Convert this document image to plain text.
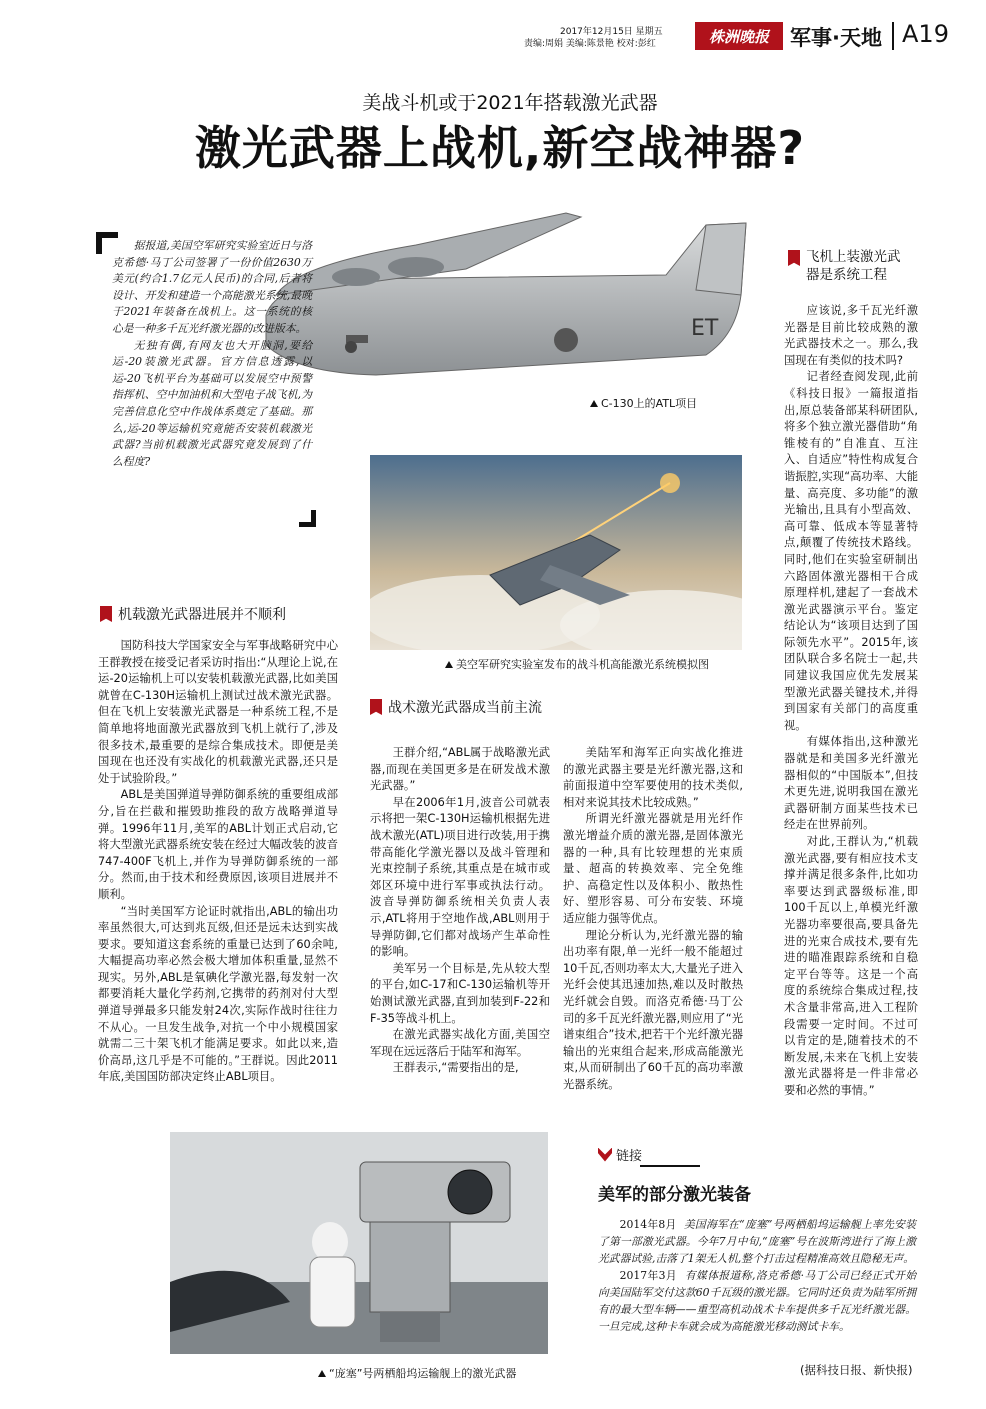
2017年12月15日 星期五
责编:周娟 美编:陈景艳 校对:彭红	株洲晚报 军事·天地 A19
美战斗机或于2021年搭载激光武器
激光武器上战机,新空战神器?
ET
C-130上的ATL项目

据报道,美国空军研究实验室近日与洛克希德·马丁公司签署了一份价值2630万美元(约合1.7亿元人民币)的合同,后者将设计、开发和建造一个高能激光系统,最晚于2021年装备在战机上。这一系统的核心是一种多千瓦光纤激光器的改进版本。

无独有偶,有网友也大开脑洞,要给运-20装激光武器。官方信息透露,以运-20飞机平台为基础可以发展空中预警指挥机、空中加油机和大型电子战飞机,为完善信息化空中作战体系奠定了基础。那么,运-20等运输机究竟能否安装机载激光武器?当前机载激光武器究竟发展到了什么程度?

美空军研究实验室发布的战斗机高能激光系统模拟图
飞机上装激光武
器是系统工程

应该说,多千瓦光纤激光器是目前比较成熟的激光武器技术之一。那么,我国现在有类似的技术吗?

记者经查阅发现,此前《科技日报》一篇报道指出,原总装备部某科研团队,将多个独立激光器借助“角锥棱有的”自准直、互注入、自适应”特性构成复合谐振腔,实现“高功率、大能量、高亮度、多功能”的激光输出,且具有小型高效、高可靠、低成本等显著特点,颠覆了传统技术路线。同时,他们在实验室研制出六路固体激光器相干合成原理样机,建起了一套战术激光武器演示平台。鉴定结论认为“该项目达到了国际领先水平”。2015年,该团队联合多名院士一起,共同建议我国应优先发展某型激光武器关键技术,并得到国家有关部门的高度重视。

有媒体指出,这种激光器就是和美国多光纤激光器相似的“中国版本”,但技术更先进,说明我国在激光武器研制方面某些技术已经走在世界前列。

对此,王群认为,“机载激光武器,要有相应技术支撑并满足很多条件,比如功率要达到武器级标准,即100千瓦以上,单模光纤激光器功率要很高,要具备先进的光束合成技术,要有先进的瞄准跟踪系统和自稳定平台等等。这是一个高度的系统综合集成过程,技术含量非常高,进入工程阶段需要一定时间。不过可以肯定的是,随着技术的不断发展,未来在飞机上安装激光武器将是一件非常必要和必然的事情。”

机载激光武器进展并不顺利

国防科技大学国家安全与军事战略研究中心王群教授在接受记者采访时指出:“从理论上说,在运-20运输机上可以安装机载激光武器,比如美国就曾在C-130H运输机上测试过战术激光武器。但在飞机上安装激光武器是一种系统工程,不是简单地将地面激光武器放到飞机上就行了,涉及很多技术,最重要的是综合集成技术。即便是美国现在也还没有实战化的机载激光武器,还只是处于试验阶段。”

ABL是美国弹道导弹防御系统的重要组成部分,旨在拦截和摧毁助推段的敌方战略弹道导弹。1996年11月,美军的ABL计划正式启动,它将大型激光武器系统安装在经过大幅改装的波音747-400F飞机上,并作为导弹防御系统的一部分。然而,由于技术和经费原因,该项目进展并不顺利。

“当时美国军方论证时就指出,ABL的输出功率虽然很大,可达到兆瓦级,但还是远未达到实战要求。要知道这套系统的重量已达到了60余吨,大幅提高功率必然会极大增加体积重量,显然不现实。另外,ABL是氧碘化学激光器,每发射一次都要消耗大量化学药剂,它携带的药剂对付大型弹道导弹最多只能发射24次,实际作战时往往力不从心。一旦发生战争,对抗一个中小规模国家就需二三十架飞机才能满足要求。如此以来,造价高昂,这几乎是不可能的。”王群说。因此2011年底,美国国防部决定终止ABL项目。

战术激光武器成当前主流

王群介绍,“ABL属于战略激光武器,而现在美国更多是在研发战术激光武器。”

早在2006年1月,波音公司就表示将把一架C-130H运输机根据先进战术激光(ATL)项目进行改装,用于携带高能化学激光器以及战斗管理和光束控制子系统,其重点是在城市或郊区环境中进行军事或执法行动。波音导弹防御系统相关负责人表示,ATL将用于空地作战,ABL则用于导弹防御,它们都对战场产生革命性的影响。

美军另一个目标是,先从较大型的平台,如C-17和C-130运输机等开始测试激光武器,直到加装到F-22和F-35等战斗机上。

在激光武器实战化方面,美国空军现在远远落后于陆军和海军。

王群表示,“需要指出的是,

美陆军和海军正向实战化推进的激光武器主要是光纤激光器,这和前面报道中空军要使用的技术类似,相对来说其技术比较成熟。”

所谓光纤激光器就是用光纤作激光增益介质的激光器,是固体激光器的一种,具有比较理想的光束质量、超高的转换效率、完全免维护、高稳定性以及体积小、散热性好、塑形容易、可分布安装、环境适应能力强等优点。

理论分析认为,光纤激光器的输出功率有限,单一光纤一般不能超过10千瓦,否则功率太大,大量光子进入光纤会使其迅速加热,难以及时散热光纤就会自毁。而洛克希德·马丁公司的多千瓦光纤激光器,则应用了“光谱束组合”技术,把若干个光纤激光器输出的光束组合起来,形成高能激光束,从而研制出了60千瓦的高功率激光器系统。

“庞塞”号两栖船坞运输舰上的激光武器
链接
美军的部分激光装备

2014年8月 美国海军在“庞塞”号两栖船坞运输舰上率先安装了第一部激光武器。今年7月中旬,“庞塞”号在波斯湾进行了海上激光武器试验,击落了1架无人机,整个打击过程精准高效且隐秘无声。

2017年3月 有媒体报道称,洛克希德·马丁公司已经正式开始向美国陆军交付这款60千瓦级的激光器。它同时还负责为陆军所拥有的最大型车辆——重型高机动战术卡车提供多千瓦光纤激光器。一旦完成,这种卡车就会成为高能激光移动测试卡车。

(据科技日报、新快报)
